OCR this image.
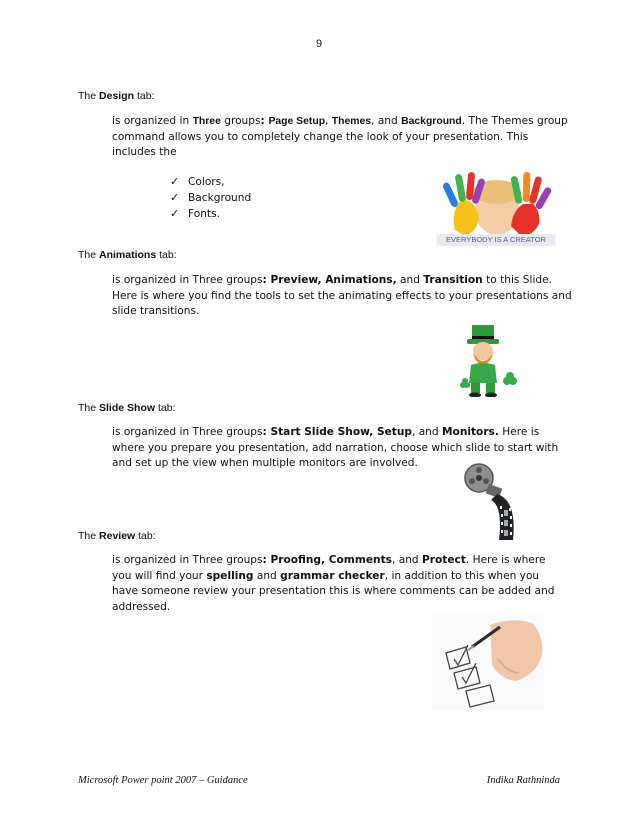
9
The Design tab:
is organized in Three groups: Page Setup, Themes, and Background. The Themes group command allows you to completely change the look of your presentation. This includes the
✓ Colors,
✓ Background
✓ Fonts.
EVERYBODY IS A CREATOR
The Animations tab:
is organized in Three groups: Preview, Animations, and Transition to this Slide. Here is where you find the tools to set the animating effects to your presentations and slide transitions.
The Slide Show tab:
is organized in Three groups: Start Slide Show, Setup, and Monitors. Here is where you prepare you presentation, add narration, choose which slide to start with and set up the view when multiple monitors are involved.
The Review tab:
is organized in Three groups: Proofing, Comments, and Protect. Here is where you will find your spelling and grammar checker, in addition to this when you have someone review your presentation this is where comments can be added and addressed.
Microsoft Power point 2007 – Guidance	Indika Rathninda
